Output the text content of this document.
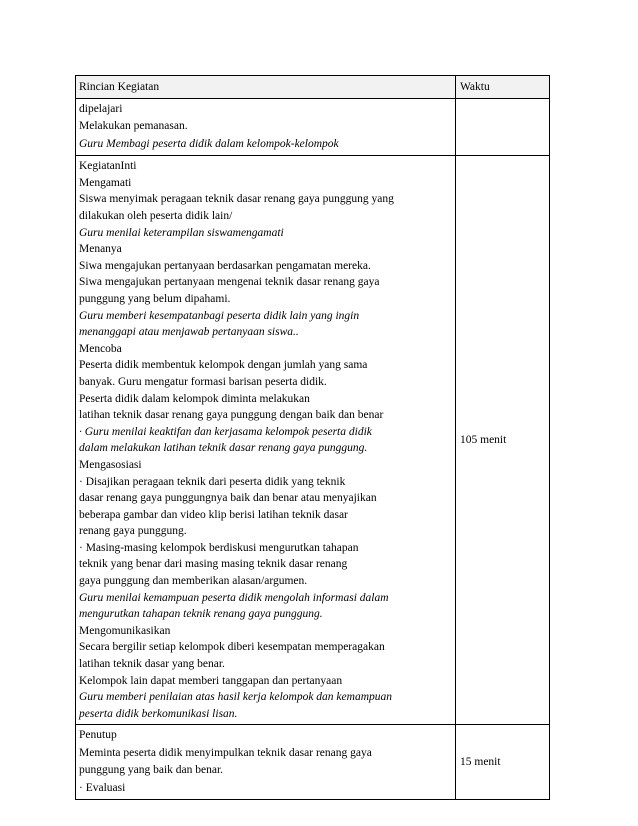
Rincian Kegiatan	Waktu
dipelajari
Melakukan pemanasan.
Guru Membagi peserta didik dalam kelompok-kelompok
KegiatanInti
Mengamati
Siswa menyimak peragaan teknik dasar renang gaya punggung yang
dilakukan oleh peserta didik lain/
Guru menilai keterampilan siswamengamati
Menanya
Siwa mengajukan pertanyaan berdasarkan pengamatan mereka.
Siwa mengajukan pertanyaan mengenai teknik dasar renang gaya
punggung yang belum dipahami.
Guru memberi kesempatanbagi peserta didik lain yang ingin
menanggapi atau menjawab pertanyaan siswa..
Mencoba
Peserta didik membentuk kelompok dengan jumlah yang sama
banyak. Guru mengatur formasi barisan peserta didik.
Peserta didik dalam kelompok diminta melakukan
latihan teknik dasar renang gaya punggung dengan baik dan benar
· Guru menilai keaktifan dan kerjasama kelompok peserta didik
dalam melakukan latihan teknik dasar renang gaya punggung.
Mengasosiasi
· Disajikan peragaan teknik dari peserta didik yang teknik
dasar renang gaya punggungnya baik dan benar atau menyajikan
beberapa gambar dan video klip berisi latihan teknik dasar
renang gaya punggung.
· Masing-masing kelompok berdiskusi mengurutkan tahapan
teknik yang benar dari masing masing teknik dasar renang
gaya punggung dan memberikan alasan/argumen.
Guru menilai kemampuan peserta didik mengolah informasi dalam
mengurutkan tahapan teknik renang gaya punggung.
Mengomunikasikan
Secara bergilir setiap kelompok diberi kesempatan memperagakan
latihan teknik dasar yang benar.
Kelompok lain dapat memberi tanggapan dan pertanyaan
Guru memberi penilaian atas hasil kerja kelompok dan kemampuan
peserta didik berkomunikasi lisan.
105 menit
Penutup
Meminta peserta didik menyimpulkan teknik dasar renang gaya
punggung yang baik dan benar.
· Evaluasi
15 menit
